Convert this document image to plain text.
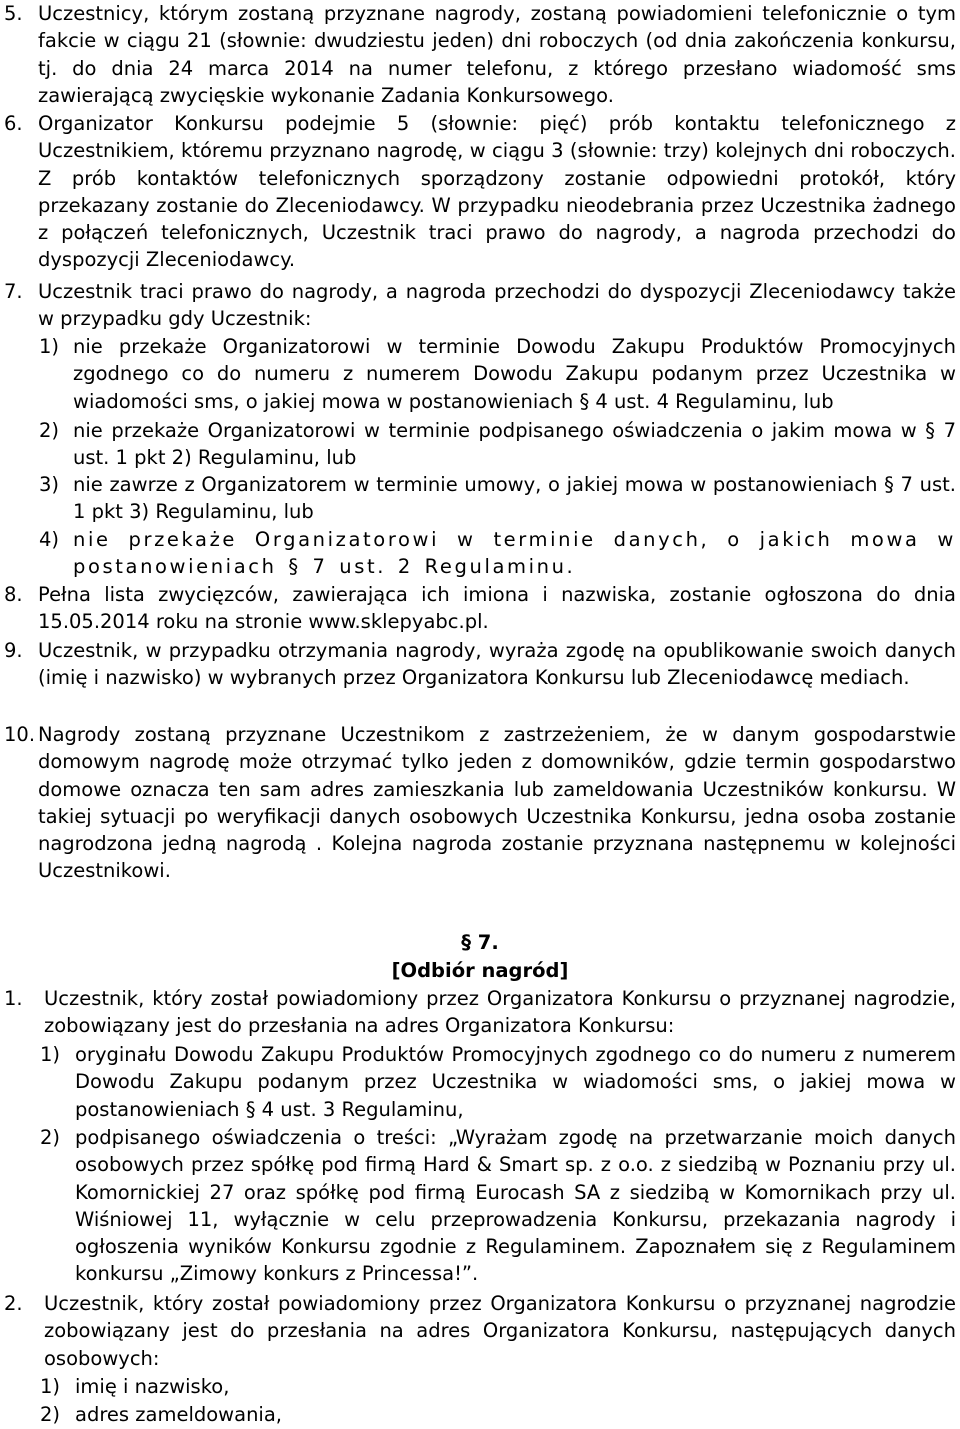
5. Uczestnicy, którym zostaną przyznane nagrody, zostaną powiadomieni telefonicznie o tym fakcie w ciągu 21 (słownie: dwudziestu jeden) dni roboczych (od dnia zakończenia konkursu, tj. do dnia 24 marca 2014 na numer telefonu, z którego przesłano wiadomość sms zawierającą zwycięskie wykonanie Zadania Konkursowego.
6. Organizator Konkursu podejmie 5 (słownie: pięć) prób kontaktu telefonicznego z Uczestnikiem, któremu przyznano nagrodę, w ciągu 3 (słownie: trzy) kolejnych dni roboczych. Z prób kontaktów telefonicznych sporządzony zostanie odpowiedni protokół, który przekazany zostanie do Zleceniodawcy. W przypadku nieodebrania przez Uczestnika żadnego z połączeń telefonicznych, Uczestnik traci prawo do nagrody, a nagroda przechodzi do dyspozycji Zleceniodawcy.
7. Uczestnik traci prawo do nagrody, a nagroda przechodzi do dyspozycji Zleceniodawcy także w przypadku gdy Uczestnik:
1) nie przekaże Organizatorowi w terminie Dowodu Zakupu Produktów Promocyjnych zgodnego co do numeru z numerem Dowodu Zakupu podanym przez Uczestnika w wiadomości sms, o jakiej mowa w postanowieniach § 4 ust. 4 Regulaminu, lub
2) nie przekaże Organizatorowi w terminie podpisanego oświadczenia o jakim mowa w § 7 ust. 1 pkt 2) Regulaminu, lub
3) nie zawrze z Organizatorem w terminie umowy, o jakiej mowa w postanowieniach § 7 ust. 1 pkt 3) Regulaminu, lub
4) nie przekaże Organizatorowi w terminie danych, o jakich mowa w postanowieniach § 7 ust. 2 Regulaminu.
8. Pełna lista zwycięzców, zawierająca ich imiona i nazwiska, zostanie ogłoszona do dnia 15.05.2014 roku na stronie www.sklepyabc.pl.
9. Uczestnik, w przypadku otrzymania nagrody, wyraża zgodę na opublikowanie swoich danych (imię i nazwisko) w wybranych przez Organizatora Konkursu lub Zleceniodawcę mediach.
10. Nagrody zostaną przyznane Uczestnikom z zastrzeżeniem, że w danym gospodarstwie domowym nagrodę może otrzymać tylko jeden z domowników, gdzie termin gospodarstwo domowe oznacza ten sam adres zamieszkania lub zameldowania Uczestników konkursu. W takiej sytuacji po weryfikacji danych osobowych Uczestnika Konkursu, jedna osoba zostanie nagrodzona jedną nagrodą . Kolejna nagroda zostanie przyznana następnemu w kolejności Uczestnikowi.
§ 7.
[Odbiór nagród]
1. Uczestnik, który został powiadomiony przez Organizatora Konkursu o przyznanej nagrodzie, zobowiązany jest do przesłania na adres Organizatora Konkursu:
1) oryginału Dowodu Zakupu Produktów Promocyjnych zgodnego co do numeru z numerem Dowodu Zakupu podanym przez Uczestnika w wiadomości sms, o jakiej mowa w postanowieniach § 4 ust. 3 Regulaminu,
2) podpisanego oświadczenia o treści: „Wyrażam zgodę na przetwarzanie moich danych osobowych przez spółkę pod firmą Hard & Smart sp. z o.o. z siedzibą w Poznaniu przy ul. Komornickiej 27 oraz spółkę pod firmą Eurocash SA z siedzibą w Komornikach przy ul. Wiśniowej 11, wyłącznie w celu przeprowadzenia Konkursu, przekazania nagrody i ogłoszenia wyników Konkursu zgodnie z Regulaminem. Zapoznałem się z Regulaminem konkursu „Zimowy konkurs z Princessa!”.
2. Uczestnik, który został powiadomiony przez Organizatora Konkursu o przyznanej nagrodzie zobowiązany jest do przesłania na adres Organizatora Konkursu, następujących danych osobowych:
1) imię i nazwisko,
2) adres zameldowania,
